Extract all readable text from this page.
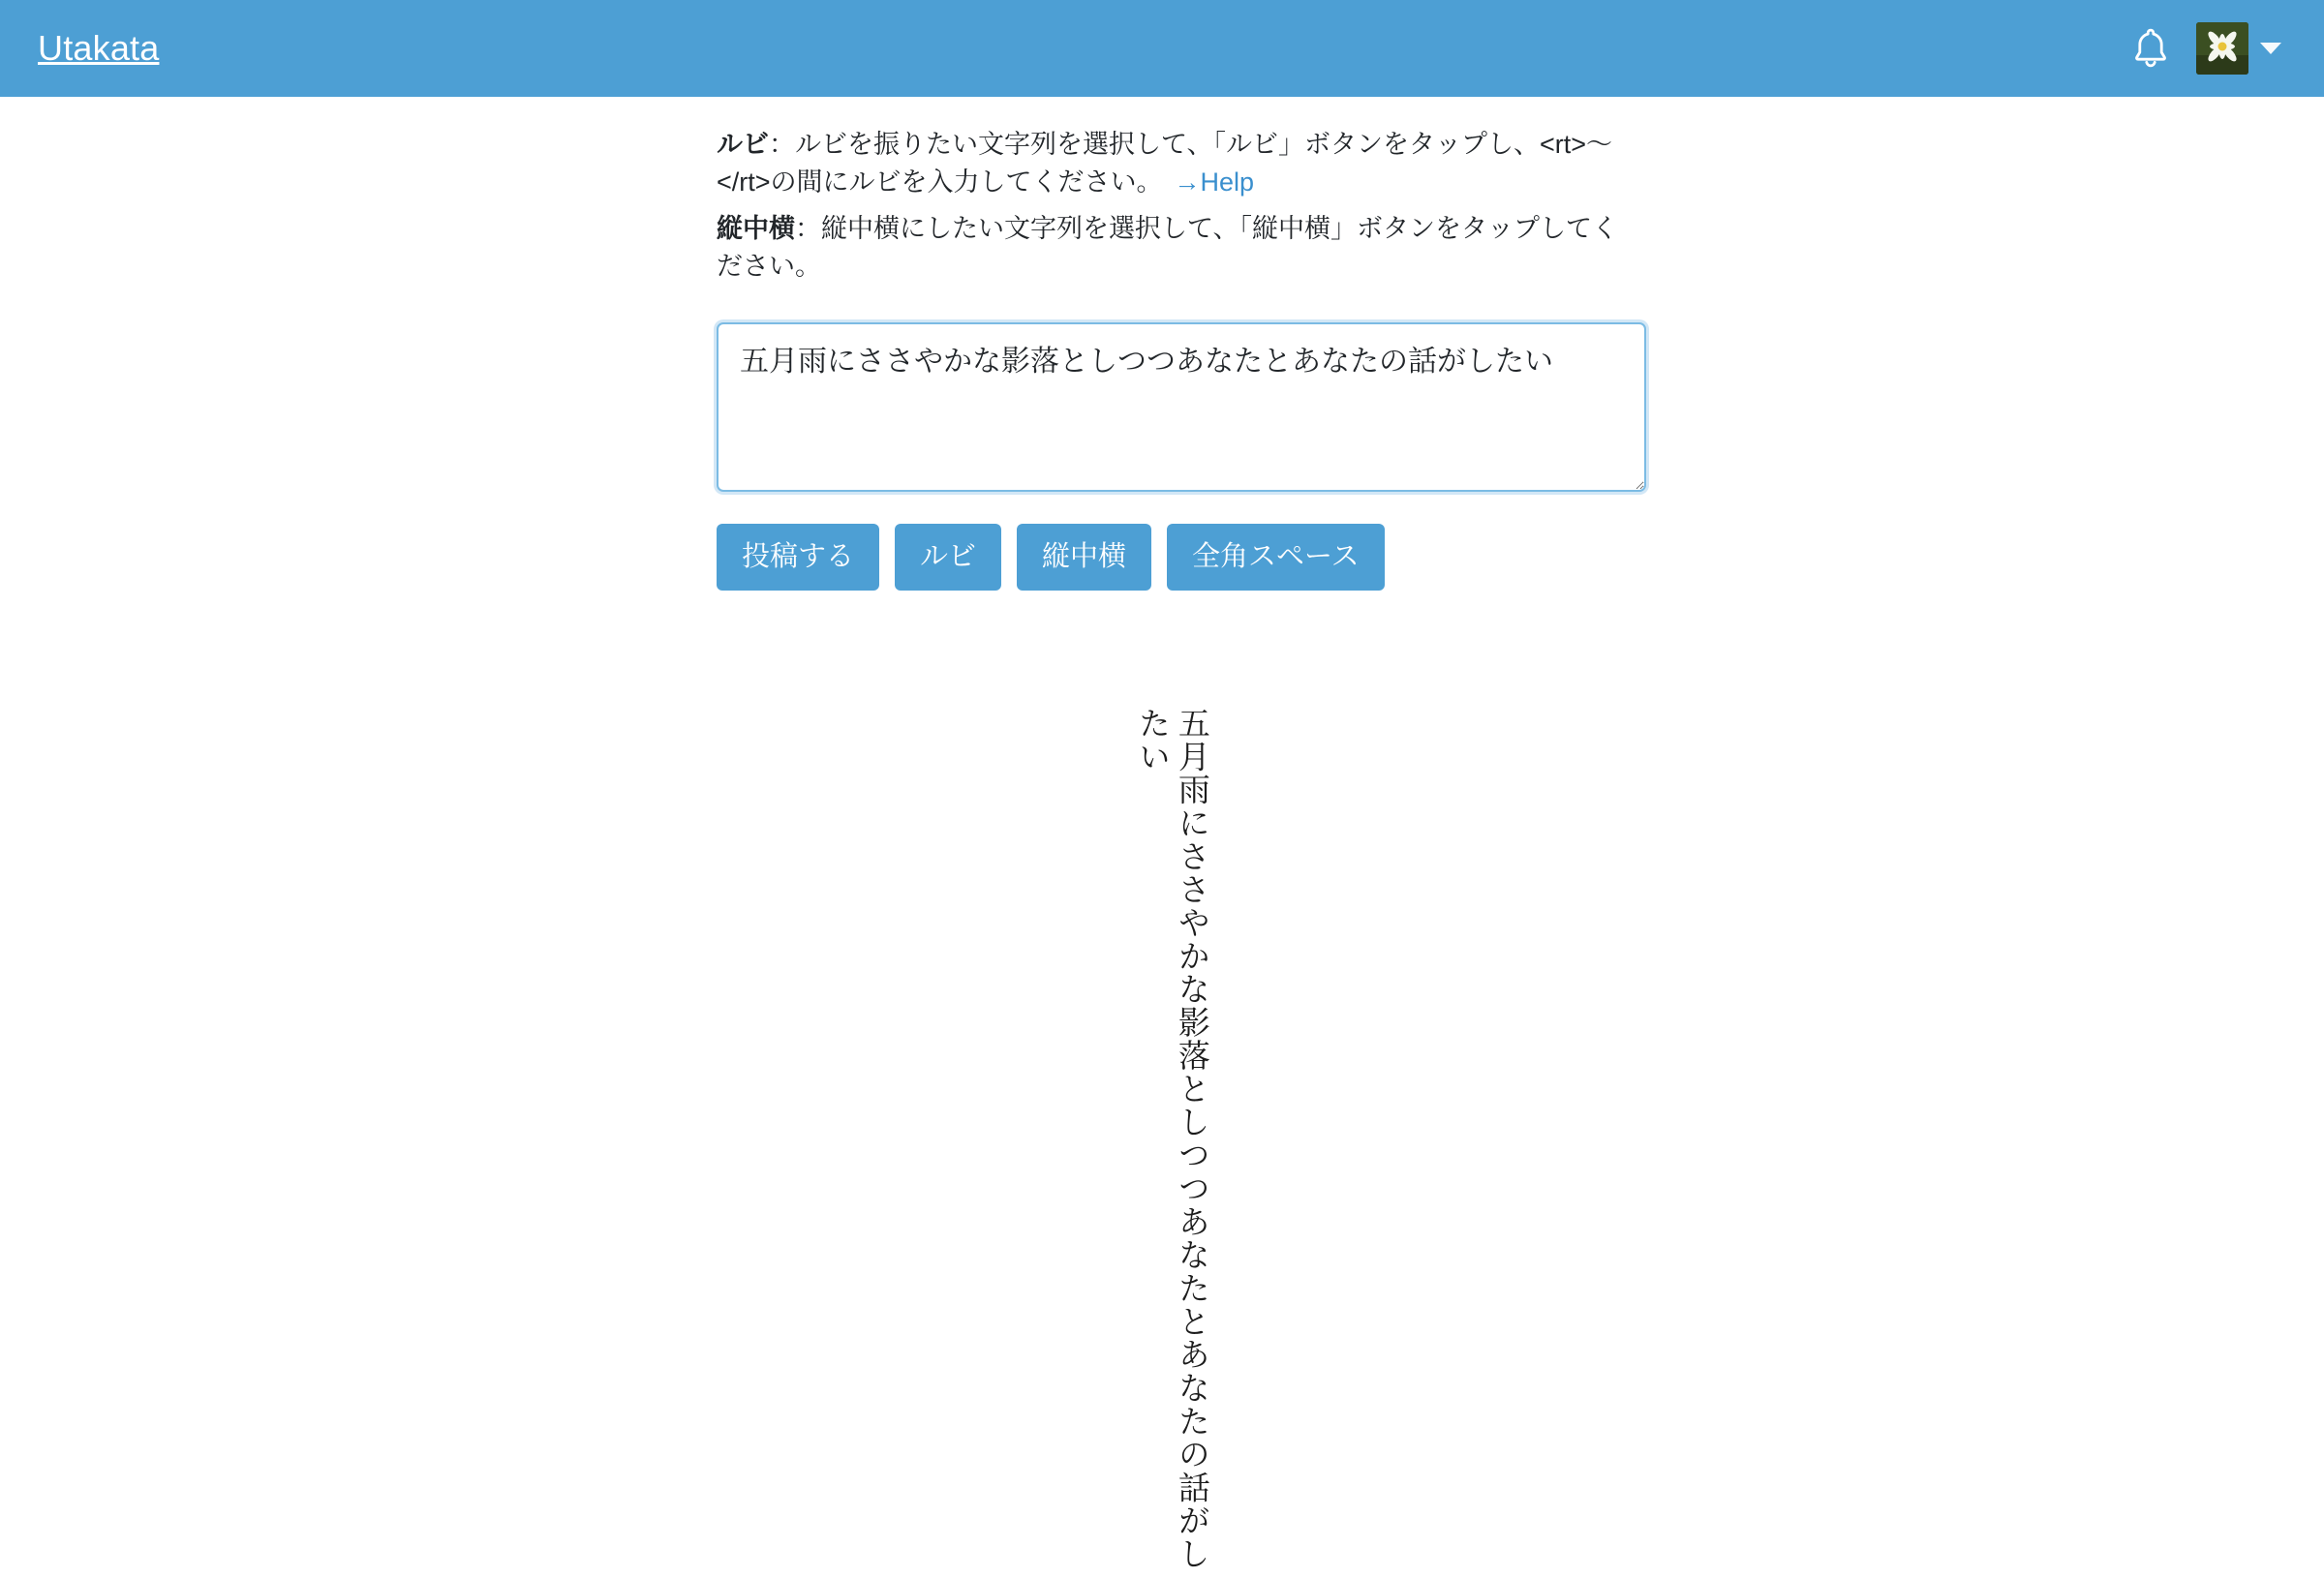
Utakata

ルビ：ルビを振りたい文字列を選択して、「ルビ」ボタンをタップし、<rt>〜</rt>の間にルビを入力してください。 →Help

縦中横：縦中横にしたい文字列を選択して、「縦中横」ボタンをタップしてください。

五月雨にささやかな影落としつつあなたとあなたの話がしたい
投稿する	ルビ	縦中横	全角スペース
五月雨にささやかな影落としつつあなたとあなたの話がしたい
